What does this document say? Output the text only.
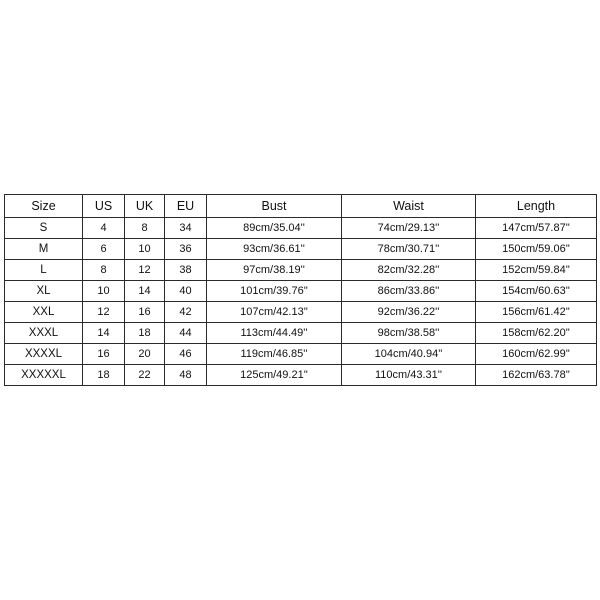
Size	US	UK	EU	Bust	Waist	Length
S	4	8	34	89cm/35.04''	74cm/29.13''	147cm/57.87''
M	6	10	36	93cm/36.61''	78cm/30.71''	150cm/59.06''
L	8	12	38	97cm/38.19''	82cm/32.28''	152cm/59.84''
XL	10	14	40	101cm/39.76''	86cm/33.86''	154cm/60.63''
XXL	12	16	42	107cm/42.13''	92cm/36.22''	156cm/61.42''
XXXL	14	18	44	113cm/44.49''	98cm/38.58''	158cm/62.20''
XXXXL	16	20	46	119cm/46.85''	104cm/40.94''	160cm/62.99''
XXXXXL	18	22	48	125cm/49.21''	110cm/43.31''	162cm/63.78''
